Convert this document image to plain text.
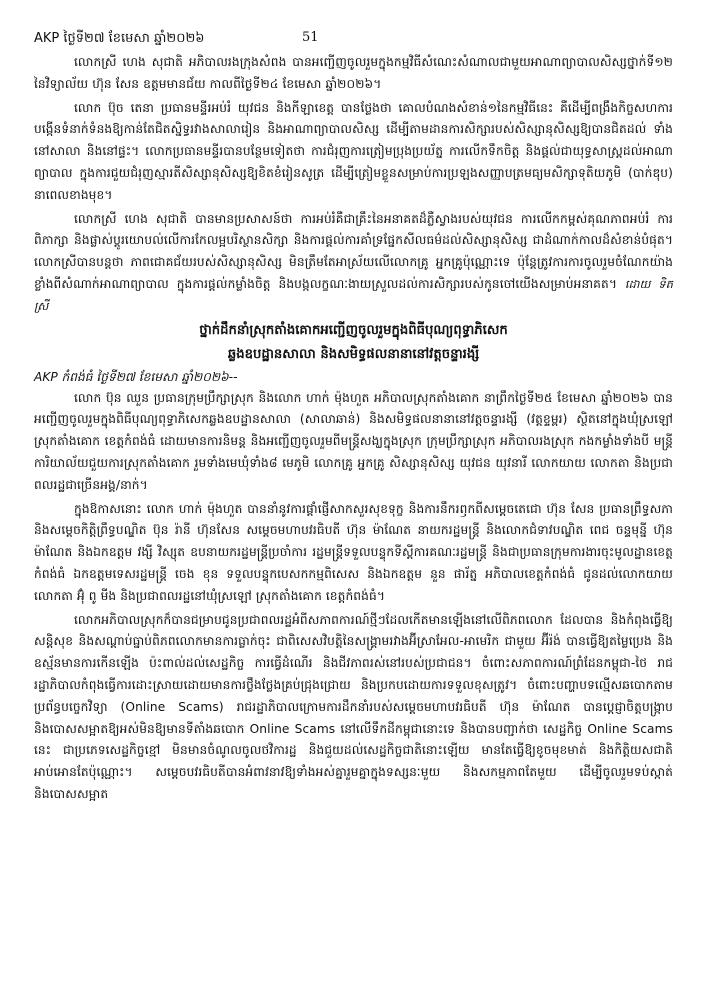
AKP ថ្ងៃទី២៧ ខែមេសា ឆ្នាំ២០២៦	51

លោកស្រី ហេង សុជាតិ អភិបាលរងក្រុងសំពង បានអញ្ជើញចូលរួមក្នុងកម្មវិធីសំណេះសំណាលជាមួយអាណាព្យាបាលសិស្សថ្នាក់ទី១២ នៃវិទ្យាល័យ ហ៊ុន សែន ឧត្តមមានជ័យ កាលពីថ្ងៃទី២៤ ខែមេសា ឆ្នាំ២០២៦។

លោក ប៊ុច តេនា ប្រធានមន្ទីរអប់រំ យុវជន និងកីឡាខេត្ត បានថ្លែងថា គោលបំណងសំខាន់១នៃកម្មវិធីនេះ គឺដើម្បីពង្រឹងកិច្ចសហការ បង្កើនទំនាក់ទំនងឱ្យកាន់តែជិតស្និទ្ធរវាងសាលារៀន និងអាណាព្យាបាលសិស្ស ដើម្បីតាមដានការសិក្សារបស់សិស្សានុសិស្សឱ្យបានជិតដល់ ទាំងនៅសាលា និងនៅផ្ទះ។ លោកប្រធានមន្ទីរបានបន្ថែមទៀតថា ការជំរុញការត្រៀមប្រុងប្រយ័ត្ន ការលើកទឹកចិត្ត និងផ្តល់ជាយុទ្ធសាស្ត្រដល់អាណាព្យាបាល ក្នុងការជួយជំរុញស្មារតីសិស្សានុសិស្សឱ្យខិតខំរៀនសូត្រ ដើម្បីត្រៀមខ្លួនសម្រាប់ការប្រឡងសញ្ញាបត្រមធ្យមសិក្សាទុតិយភូមិ (បាក់ឌុប) នាពេលខាងមុខ។

លោកស្រី ហេង សុជាតិ បានមានប្រសាសន៍ថា ការអប់រំគឺជាគ្រឹះនៃអនាគតដ៏ភ្លឺស្វាងរបស់យុវជន ការលើកកម្ពស់គុណភាពអប់រំ ការពិភាក្សា និងផ្លាស់ប្តូរយោបល់លើការកែលម្អបរិស្ថានសិក្សា និងការផ្តល់ការគាំទ្រផ្នែកសីលធម៌ដល់សិស្សានុសិស្ស ជាដំណាក់កាលដ៏សំខាន់បំផុត។ លោកស្រីបានបន្តថា ភាពជោគជ័យរបស់សិស្សានុសិស្ស មិនត្រឹមតែអាស្រ័យលើលោកគ្រូ អ្នកគ្រូប៉ុណ្ណោះទេ ប៉ុន្តែត្រូវការការចូលរួមចំណែកយ៉ាងខ្លាំងពីសំណាក់អាណាព្យាបាល ក្នុងការផ្តល់កម្លាំងចិត្ត និងបង្កលក្ខណៈងាយស្រួលដល់ការសិក្សារបស់កូនចៅយើងសម្រាប់អនាគត។ ដោយ ទិត ស្រី

ថ្នាក់ដឹកនាំស្រុកតាំងគោកអញ្ជើញចូលរួមក្នុងពិធីបុណ្យពុទ្ធាភិសេក
ឆ្លងឧបដ្ឋានសាលា និងសមិទ្ធផលនានានៅវត្តចន្ទារង្សី

AKP កំពង់ធំ ថ្ងៃទី២៧ ខែមេសា ឆ្នាំ២០២៦--

លោក ប៊ុន ឈួន ប្រធានក្រុមប្រឹក្សាស្រុក និងលោក ហាក់ ម៉ុងហួត អភិបាលស្រុកតាំងគោក នាព្រឹកថ្ងៃទី២៥ ខែមេសា ឆ្នាំ២០២៦ បានអញ្ជើញចូលរួមក្នុងពិធីបុណ្យពុទ្ធាភិសេកឆ្លងឧបដ្ឋានសាលា (សាលាឆាន់) និងសមិទ្ធផលនានានៅវត្តចន្ទារង្សី (វត្តខ្ទម្ពរ) ស្ថិតនៅក្នុងឃុំស្រឡៅ ស្រុកតាំងគោក ខេត្តកំពង់ធំ ដោយមានការនិមន្ត និងអញ្ជើញចូលរួមពីមន្ត្រីសង្ឃក្នុងស្រុក ក្រុមប្រឹក្សាស្រុក អភិបាលរងស្រុក កងកម្លាំងទាំងបី មន្ត្រីការិយាល័យជួយការស្រុកតាំងគោក រួមទាំងមេឃុំទាំង៨ មេភូមិ លោកគ្រូ អ្នកគ្រូ សិស្សានុសិស្ស យុវជន យុវនារី លោកយាយ លោកតា និងប្រជាពលរដ្ឋជាច្រើនអង្គ/នាក់។

ក្នុងឱកាសនោះ លោក ហាក់ ម៉ុងហួត បាននាំនូវការផ្តាំផ្ញើសាកសួរសុខទុក្ខ និងការនឹករឭកពីសម្តេចតេជោ ហ៊ុន សែន ប្រធានព្រឹទ្ធសភា និងសម្តេចកិត្តិព្រឹទ្ធបណ្ឌិត ប៊ុន រ៉ានី ហ៊ុនសែន សម្តេចមហាបវរធិបតី ហ៊ុន ម៉ាណែត នាយករដ្ឋមន្ត្រី និងលោកជំទាវបណ្ឌិត ពេជ ចន្ទមុន្នី ហ៊ុន ម៉ាណែត និងឯកឧត្តម វង្សី វិស្សុត ឧបនាយករដ្ឋមន្ត្រីប្រចាំការ រដ្ឋមន្ត្រីទទួលបន្ទុកទីស្តីការគណៈរដ្ឋមន្ត្រី និងជាប្រធានក្រុមការងារចុះមូលដ្ឋានខេត្តកំពង់ធំ ឯកឧត្តមទេសរដ្ឋមន្ត្រី ចេង ខុន ទទួលបន្ទុកបេសកកម្មពិសេស និងឯកឧត្តម នួន ផារ័ត្ន អភិបាលខេត្តកំពង់ធំ ជូនដល់លោកយាយ លោកតា អ៊ុំ ពូ មីង និងប្រជាពលរដ្ឋនៅឃុំស្រឡៅ ស្រុកតាំងគោក ខេត្តកំពង់ធំ។

លោកអភិបាលស្រុកក៏បានជម្រាបជូនប្រជាពលរដ្ឋអំពីសភាពការណ៍ថ្មីៗដែលកើតមានឡើងនៅលើពិភពលោក ដែលបាន និងកំពុងធ្វើឱ្យសន្តិសុខ និងសណ្តាប់ធ្នាប់ពិភពលោកមានការធ្លាក់ចុះ ជាពិសេសវិបត្តិនៃសង្គ្រាមរវាងអ៊ីស្រាអែល-អាមេរិក ជាមួយ អ៊ីរ៉ង់ បានធ្វើឱ្យតម្លៃប្រេង និងឧស្ម័នមានការកើនឡើង ប៉ះពាល់ដល់សេដ្ឋកិច្ច ការធ្វើដំណើរ និងជីវភាពរស់នៅរបស់ប្រជាជន។ ចំពោះសភាពការណ៍ព្រំដែនកម្ពុជា-ថៃ រាជរដ្ឋាភិបាលកំពុងធ្វើការដោះស្រាយដោយមានការថ្លឹងថ្លែងគ្រប់ជ្រុងជ្រោយ និងប្រកបដោយការទទួលខុសត្រូវ។ ចំពោះបញ្ហាបទល្មើសឆបោកតាមប្រព័ន្ធបច្ចេកវិទ្យា (Online Scams) រាជរដ្ឋាភិបាលក្រោមការដឹកនាំរបស់សម្តេចមហាបវរធិបតី ហ៊ុន ម៉ាណែត បានប្តេជ្ញាចិត្តបង្ក្រាប និងបោសសម្អាតឱ្យអស់មិនឱ្យមានទីតាំងឆបោក Online Scams នៅលើទឹកដីកម្ពុជានោះទេ និងបានបញ្ជាក់ថា សេដ្ឋកិច្ច Online Scams នេះ ជាប្រភេទសេដ្ឋកិច្ចខ្មៅ មិនមានចំណូលចូលថវិការដ្ឋ និងជួយដល់សេដ្ឋកិច្ចជាតិនោះឡើយ មានតែធ្វើឱ្យខូចមុខមាត់ និងកិត្តិយសជាតិអាប់អោនតែប៉ុណ្ណោះ។ សម្តេចបវរធិបតីបានអំពាវនាវឱ្យទាំងអស់គ្នារួមគ្នាក្នុងទស្សនៈមួយ និងសកម្មភាពតែមួយ ដើម្បីចូលរួមទប់ស្កាត់ និងបោសសម្អាត
